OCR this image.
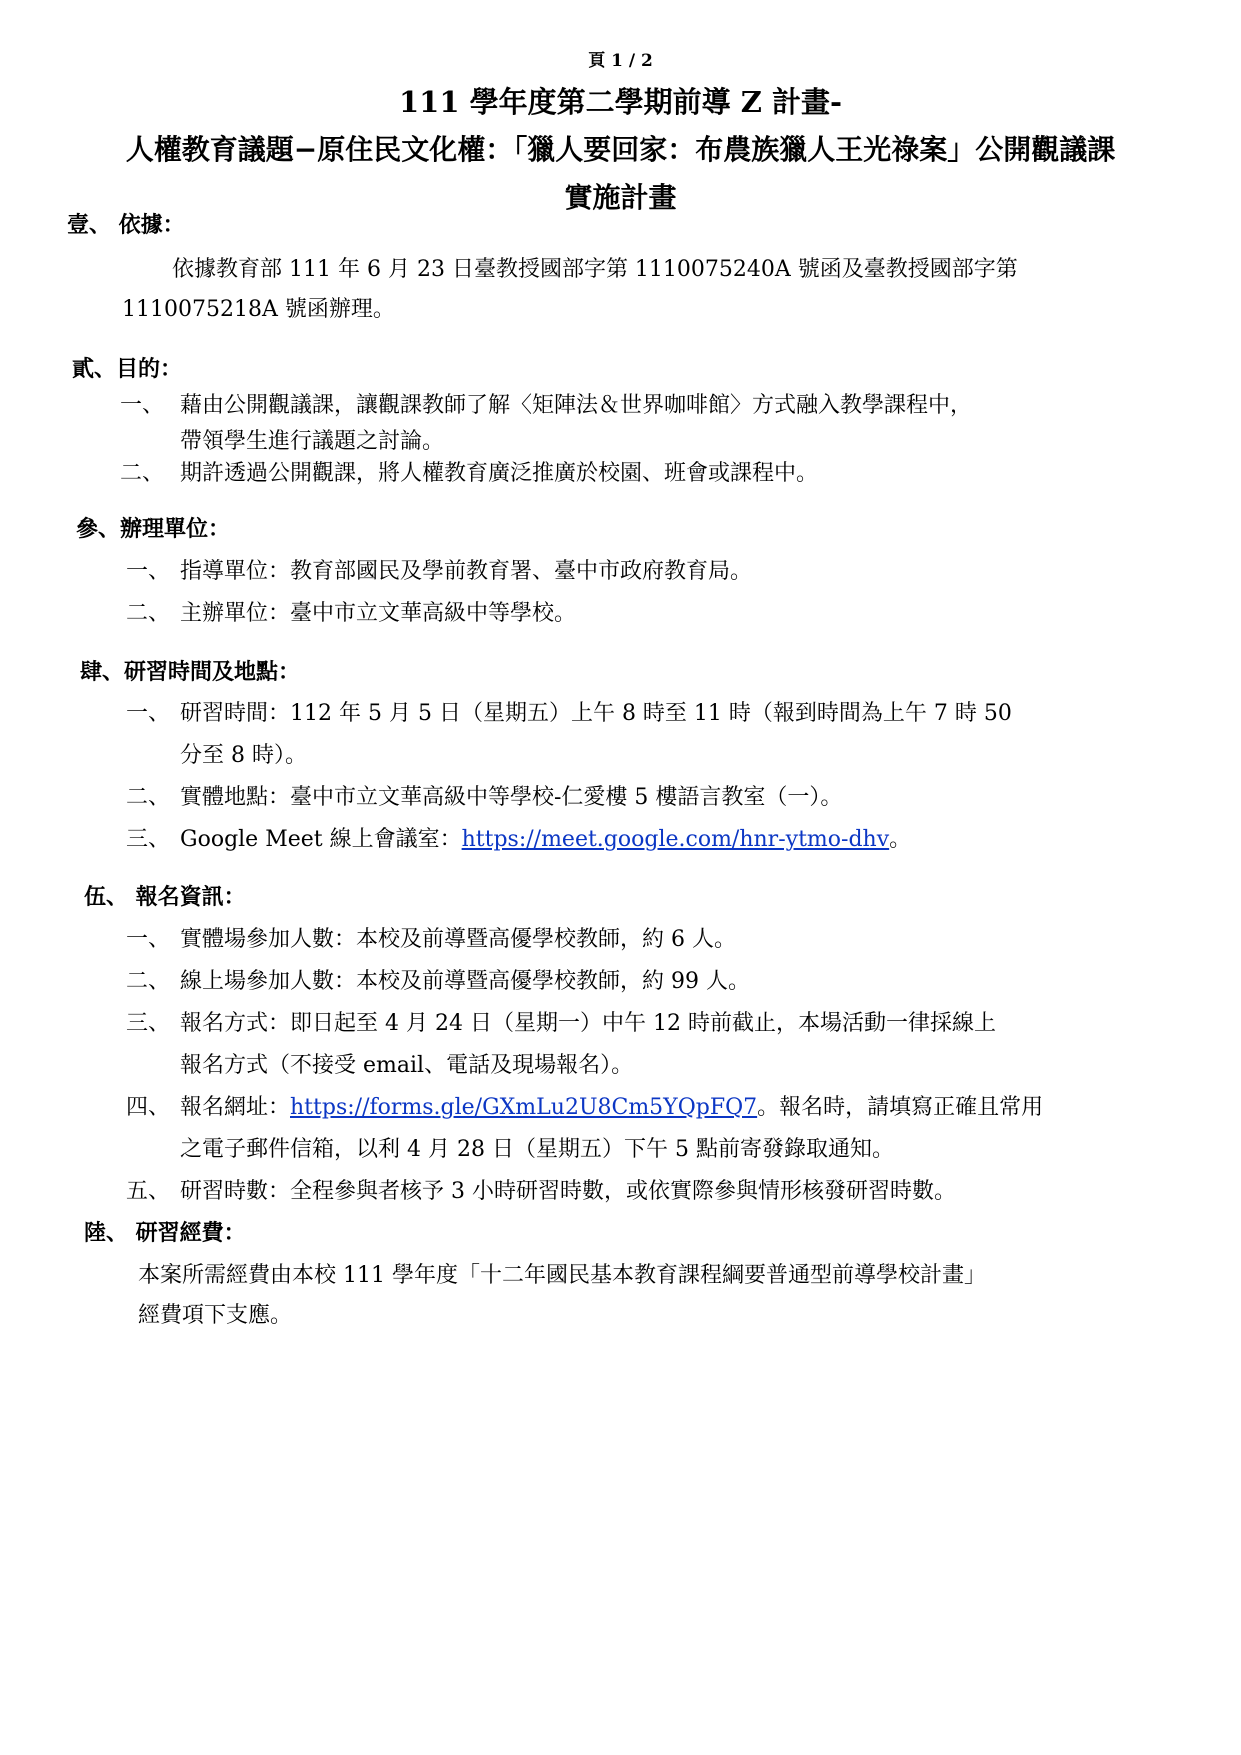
頁 1 / 2
111 學年度第二學期前導 Z 計畫-
人權教育議題−原住民文化權：「獵人要回家：布農族獵人王光祿案」公開觀議課
實施計畫
壹、 依據：
依據教育部 111 年 6 月 23 日臺教授國部字第 1110075240A 號函及臺教授國部字第
1110075218A 號函辦理。
貳、目的：
一、 藉由公開觀議課，讓觀課教師了解〈矩陣法＆世界咖啡館〉方式融入教學課程中，
帶領學生進行議題之討論。
二、 期許透過公開觀課，將人權教育廣泛推廣於校園、班會或課程中。
參、辦理單位：
一、 指導單位：教育部國民及學前教育署、臺中市政府教育局。
二、 主辦單位：臺中市立文華高級中等學校。
肆、研習時間及地點：
一、 研習時間：112 年 5 月 5 日（星期五）上午 8 時至 11 時（報到時間為上午 7 時 50
分至 8 時）。
二、 實體地點：臺中市立文華高級中等學校-仁愛樓 5 樓語言教室（一）。
三、 Google Meet 線上會議室：https://meet.google.com/hnr-ytmo-dhv。
伍、 報名資訊：
一、 實體場參加人數：本校及前導暨高優學校教師，約 6 人。
二、 線上場參加人數：本校及前導暨高優學校教師，約 99 人。
三、 報名方式：即日起至 4 月 24 日（星期一）中午 12 時前截止，本場活動一律採線上
報名方式（不接受 email、電話及現場報名）。
四、 報名網址：https://forms.gle/GXmLu2U8Cm5YQpFQ7。報名時，請填寫正確且常用
之電子郵件信箱，以利 4 月 28 日（星期五）下午 5 點前寄發錄取通知。
五、 研習時數：全程參與者核予 3 小時研習時數，或依實際參與情形核發研習時數。
陸、 研習經費：
本案所需經費由本校 111 學年度「十二年國民基本教育課程綱要普通型前導學校計畫」
經費項下支應。
